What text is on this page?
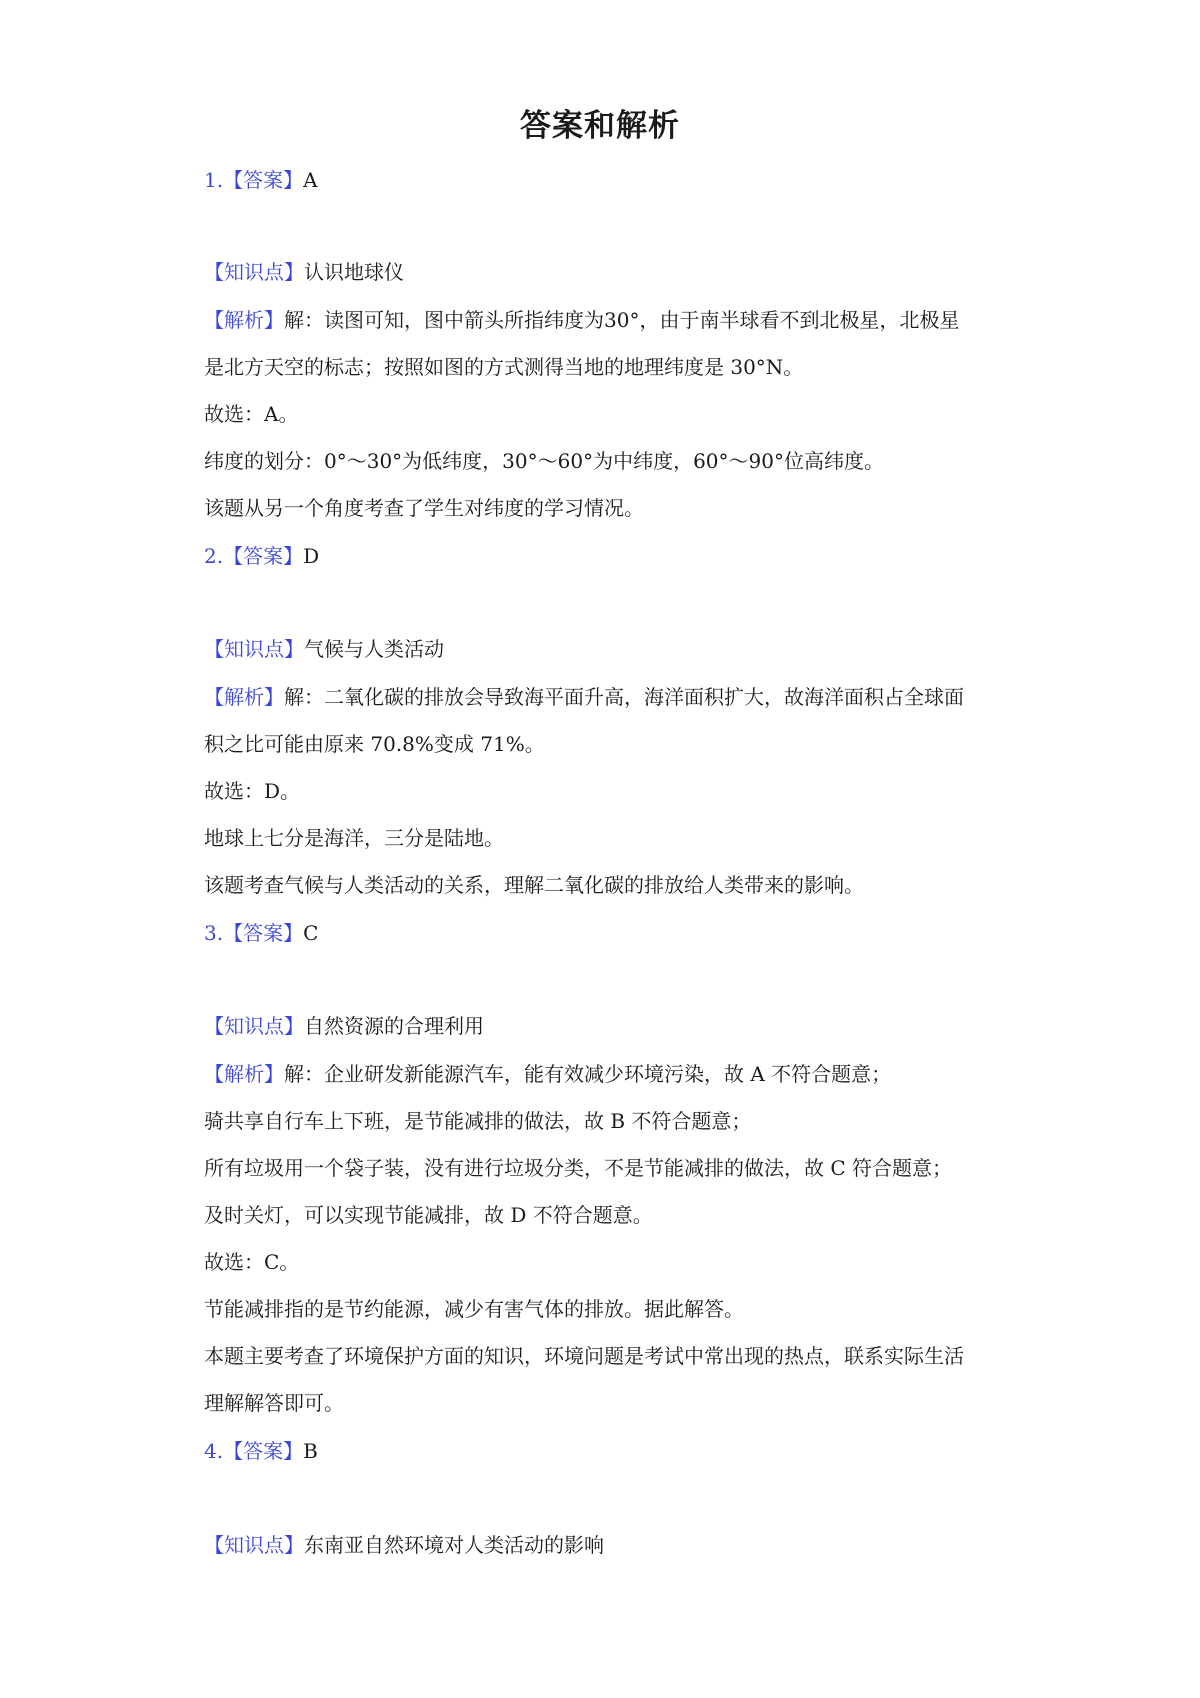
答案和解析
1.【答案】A
【知识点】认识地球仪
【解析】解：读图可知，图中箭头所指纬度为30°，由于南半球看不到北极星，北极星
是北方天空的标志；按照如图的方式测得当地的地理纬度是 30°N。
故选：A。
纬度的划分：0°～30°为低纬度，30°～60°为中纬度，60°～90°位高纬度。
该题从另一个角度考查了学生对纬度的学习情况。
2.【答案】D
【知识点】气候与人类活动
【解析】解：二氧化碳的排放会导致海平面升高，海洋面积扩大，故海洋面积占全球面
积之比可能由原来 70.8%变成 71%。
故选：D。
地球上七分是海洋，三分是陆地。
该题考查气候与人类活动的关系，理解二氧化碳的排放给人类带来的影响。
3.【答案】C
【知识点】自然资源的合理利用
【解析】解：企业研发新能源汽车，能有效减少环境污染，故 A 不符合题意；
骑共享自行车上下班，是节能减排的做法，故 B 不符合题意；
所有垃圾用一个袋子装，没有进行垃圾分类，不是节能减排的做法，故 C 符合题意；
及时关灯，可以实现节能减排，故 D 不符合题意。
故选：C。
节能减排指的是节约能源，减少有害气体的排放。据此解答。
本题主要考查了环境保护方面的知识，环境问题是考试中常出现的热点，联系实际生活
理解解答即可。
4.【答案】B
【知识点】东南亚自然环境对人类活动的影响
